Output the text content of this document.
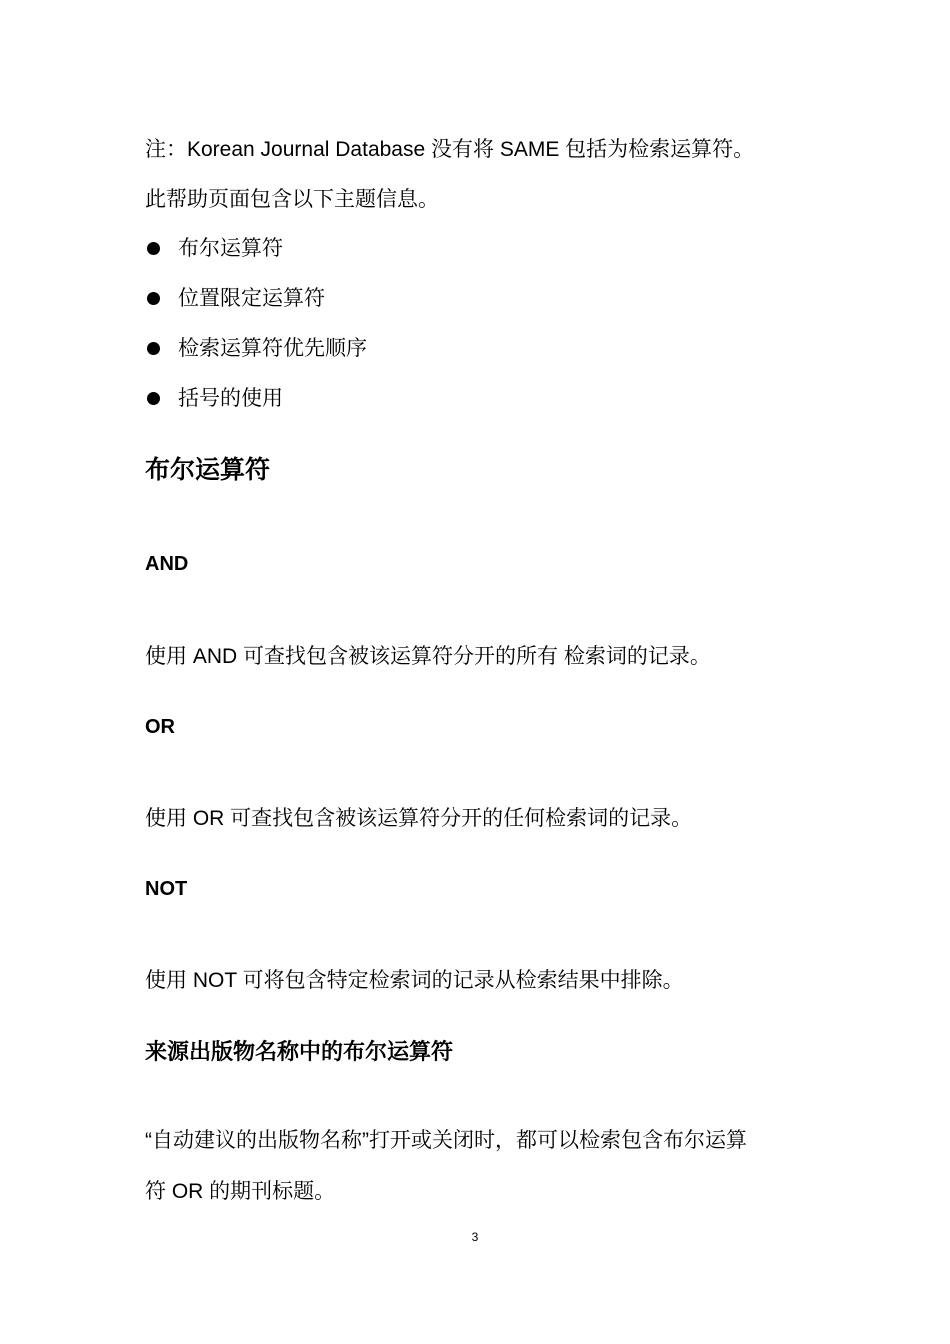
注：Korean Journal Database 没有将 SAME 包括为检索运算符。
此帮助页面包含以下主题信息。
布尔运算符
位置限定运算符
检索运算符优先顺序
括号的使用
布尔运算符
AND
使用 AND 可查找包含被该运算符分开的所有 检索词的记录。
OR
使用 OR 可查找包含被该运算符分开的任何检索词的记录。
NOT
使用 NOT 可将包含特定检索词的记录从检索结果中排除。
来源出版物名称中的布尔运算符
“自动建议的出版物名称”打开或关闭时，都可以检索包含布尔运算
符 OR 的期刊标题。
3
